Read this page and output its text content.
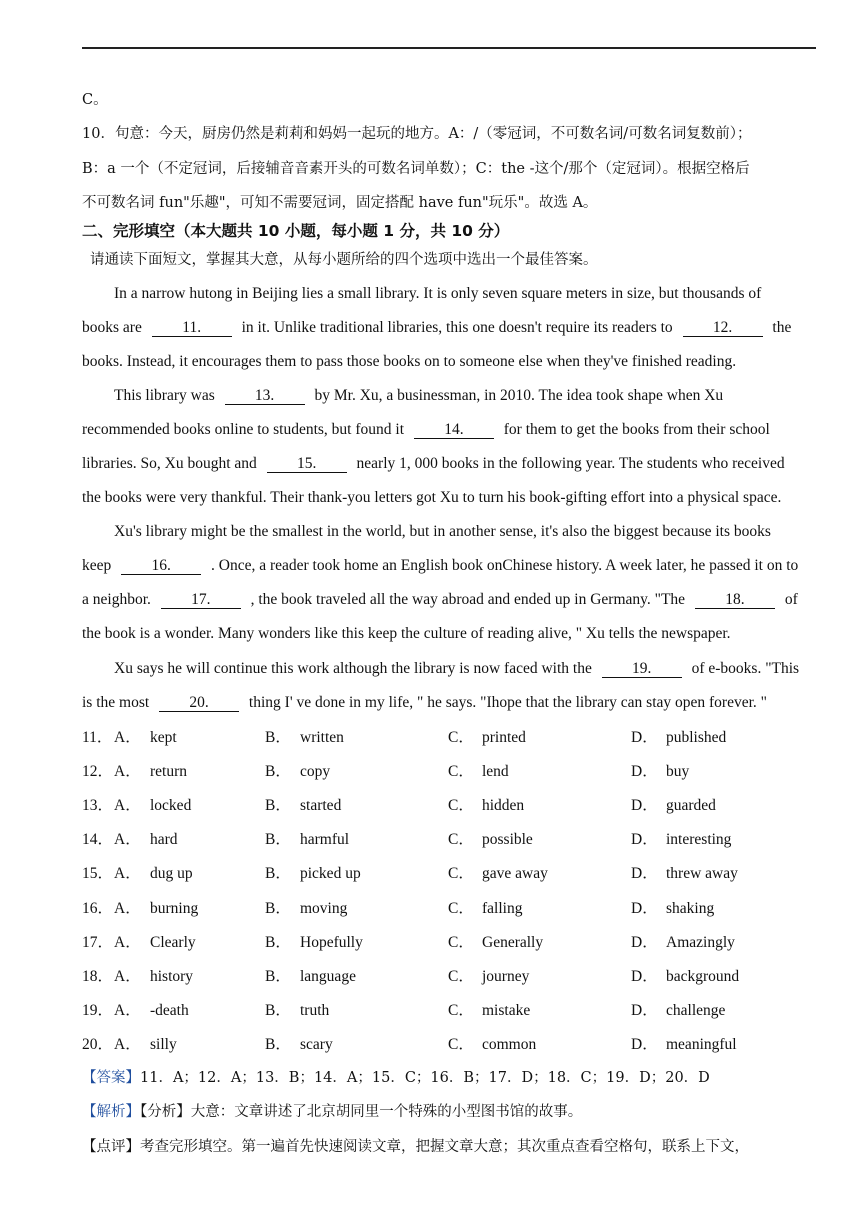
C。
10．句意：今天，厨房仍然是莉莉和妈妈一起玩的地方。A：/（零冠词，不可数名词/可数名词复数前）；
B：a 一个（不定冠词，后接辅音音素开头的可数名词单数）；C：the -这个/那个（定冠词）。根据空格后
不可数名词 fun"乐趣"，可知不需要冠词，固定搭配 have fun"玩乐"。故选 A。
二、完形填空（本大题共 10 小题，每小题 1 分，共 10 分）
请通读下面短文，掌握其大意，从每小题所给的四个选项中选出一个最佳答案。
In a narrow hutong in Beijing lies a small library. It is only seven square meters in size, but thousands of
books are	11.	in it. Unlike traditional libraries, this one doesn't require its readers to	12.	the
books. Instead, it encourages them to pass those books on to someone else when they've finished reading.
This library was	13.	by Mr. Xu, a businessman, in 2010. The idea took shape when Xu
recommended books online to students, but found it	14.	for them to get the books from their school
libraries. So, Xu bought and	15.	nearly 1, 000 books in the following year. The students who received
the books were very thankful. Their thank-you letters got Xu to turn his book-gifting effort into a physical space.
Xu's library might be the smallest in the world, but in another sense, it's also the biggest because its books
keep	16.	. Once, a reader took home an English book onChinese history. A week later, he passed it on to
a neighbor.	17.	, the book traveled all the way abroad and ended up in Germany. "The	18.	of
the book is a wonder. Many wonders like this keep the culture of reading alive, " Xu tells the newspaper.
Xu says he will continue this work although the library is now faced with the	19.	of e-books. "This
is the most	20.	thing I' ve done in my life, " he says. "Ihope that the library can stay open forever. "
11． A． kept	B． written	C． printed	D． published
12． A． return	B． copy	C． lend	D． buy
13． A． locked	B． started	C． hidden	D． guarded
14． A． hard	B． harmful	C． possible	D． interesting
15． A． dug up	B． picked up	C． gave away	D． threw away
16． A． burning	B． moving	C． falling	D． shaking
17． A． Clearly	B． Hopefully	C． Generally	D． Amazingly
18． A． history	B． language	C． journey	D． background
19． A． -death	B． truth	C． mistake	D． challenge
20． A． silly	B． scary	C． common	D． meaningful
【答案】11．A；12．A；13．B；14．A；15．C；16．B；17．D；18．C；19．D；20．D
【解析】【分析】大意：文章讲述了北京胡同里一个特殊的小型图书馆的故事。
【点评】考查完形填空。第一遍首先快速阅读文章，把握文章大意；其次重点查看空格句，联系上下文，
